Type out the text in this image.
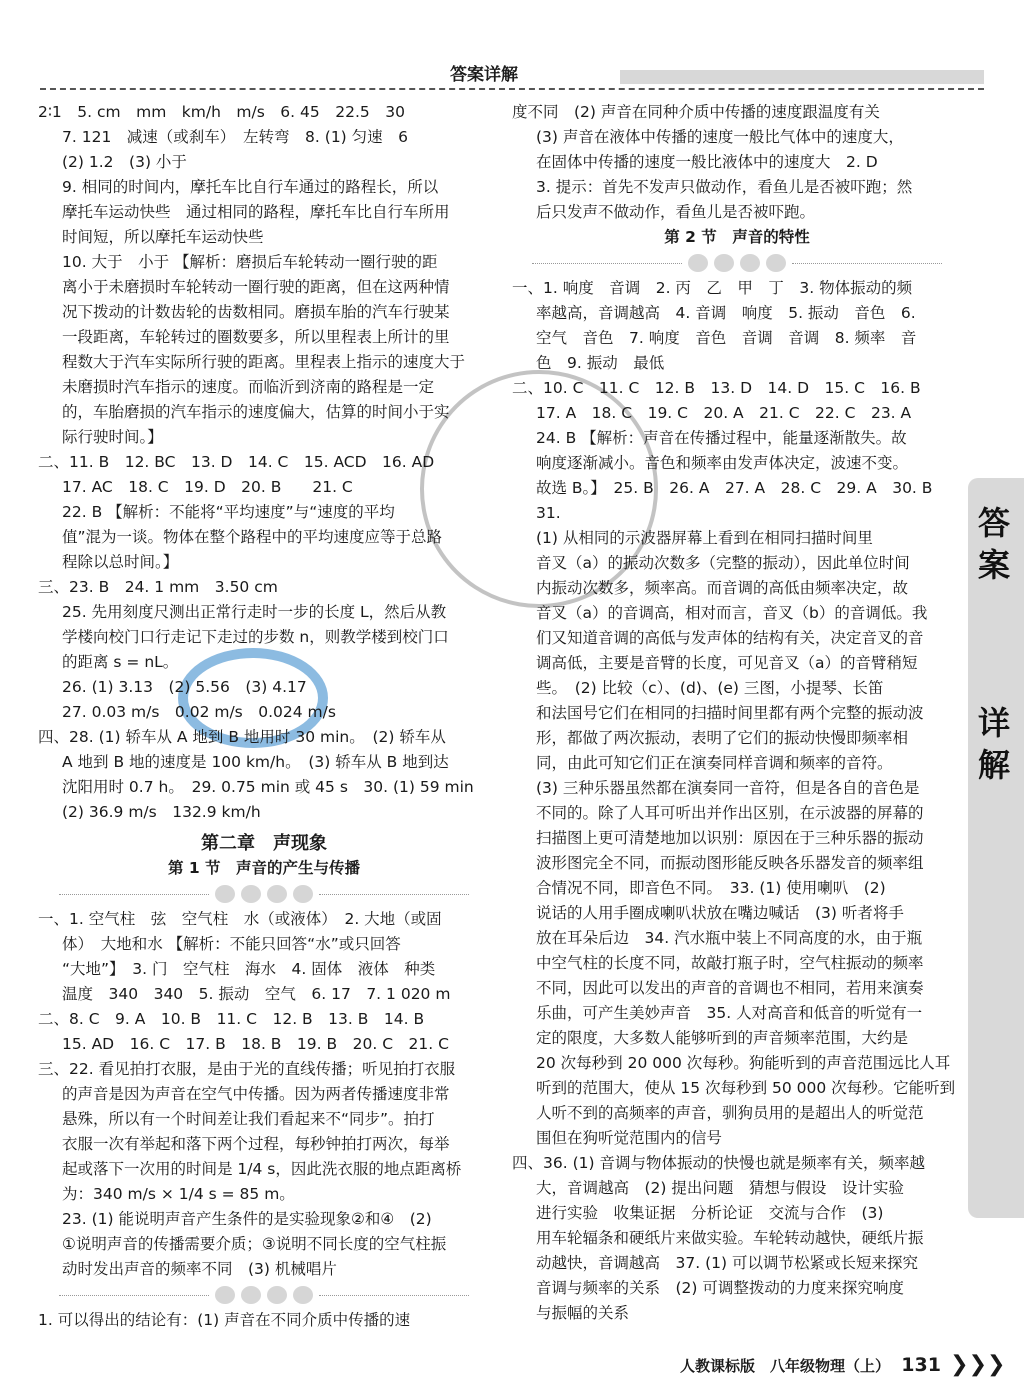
答案详解
2∶1　5. cm　mm　km/h　m/s　6. 45　22.5　30
7. 121　减速（或刹车）　左转弯　8. (1) 匀速　6
(2) 1.2　(3) 小于
9. 相同的时间内，摩托车比自行车通过的路程长，所以
摩托车运动快些　通过相同的路程，摩托车比自行车所用
时间短，所以摩托车运动快些
10. 大于　小于 【解析：磨损后车轮转动一圈行驶的距
离小于未磨损时车轮转动一圈行驶的距离，但在这两种情
况下拨动的计数齿轮的齿数相同。磨损车胎的汽车行驶某
一段距离，车轮转过的圈数要多，所以里程表上所计的里
程数大于汽车实际所行驶的距离。里程表上指示的速度大于
未磨损时汽车指示的速度。而临沂到济南的路程是一定
的，车胎磨损的汽车指示的速度偏大，估算的时间小于实
际行驶时间。】
二、11. B　12. BC　13. D　14. C　15. ACD　16. AD
17. AC　18. C　19. D　20. B　　21. C
22. B 【解析：不能将“平均速度”与“速度的平均
值”混为一谈。物体在整个路程中的平均速度应等于总路
程除以总时间。】
三、23. B　24. 1 mm　3.50 cm
25. 先用刻度尺测出正常行走时一步的长度 L，然后从教
学楼向校门口行走记下走过的步数 n，则教学楼到校门口
的距离 s = nL。
26. (1) 3.13　(2) 5.56　(3) 4.17
27. 0.03 m/s　0.02 m/s　0.024 m/s
四、28. (1) 轿车从 A 地到 B 地用时 30 min。　(2) 轿车从
A 地到 B 地的速度是 100 km/h。　(3) 轿车从 B 地到达
沈阳用时 0.7 h。　29. 0.75 min 或 45 s　30. (1) 59 min
(2) 36.9 m/s　132.9 km/h
第二章　声现象
第 1 节　声音的产生与传播
一、1. 空气柱　弦　空气柱　水（或液体）　2. 大地（或固
体）　大地和水 【解析：不能只回答“水”或只回答
“大地”】　3. 门　空气柱　海水　4. 固体　液体　种类
温度　340　340　5. 振动　空气　6. 17　7. 1 020 m
二、8. C　9. A　10. B　11. C　12. B　13. B　14. B
15. AD　16. C　17. B　18. B　19. B　20. C　21. C
三、22. 看见拍打衣服，是由于光的直线传播；听见拍打衣服
的声音是因为声音在空气中传播。因为两者传播速度非常
悬殊，所以有一个时间差让我们看起来不“同步”。拍打
衣服一次有举起和落下两个过程，每秒钟拍打两次，每举
起或落下一次用的时间是 1/4 s，因此洗衣服的地点距离桥
为：340 m/s × 1/4 s = 85 m。
23. (1) 能说明声音产生条件的是实验现象②和④　(2)
①说明声音的传播需要介质；③说明不同长度的空气柱振
动时发出声音的频率不同　(3) 机械唱片
1. 可以得出的结论有：(1) 声音在不同介质中传播的速
度不同　(2) 声音在同种介质中传播的速度跟温度有关
(3) 声音在液体中传播的速度一般比气体中的速度大，
在固体中传播的速度一般比液体中的速度大　2. D
3. 提示：首先不发声只做动作，看鱼儿是否被吓跑；然
后只发声不做动作，看鱼儿是否被吓跑。
第 2 节　声音的特性
一、1. 响度　音调　2. 丙　乙　甲　丁　3. 物体振动的频
率越高，音调越高　4. 音调　响度　5. 振动　音色　6.
空气　音色　7. 响度　音色　音调　音调　8. 频率　音
色　9. 振动　最低
二、10. C　11. C　12. B　13. D　14. D　15. C　16. B
17. A　18. C　19. C　20. A　21. C　22. C　23. A
24. B 【解析：声音在传播过程中，能量逐渐散失。故
响度逐渐减小。音色和频率由发声体决定，波速不变。
故选 B。】　25. B　26. A　27. A　28. C　29. A　30. B
31.
(1) 从相同的示波器屏幕上看到在相同扫描时间里
音叉（a）的振动次数多（完整的振动），因此单位时间
内振动次数多，频率高。而音调的高低由频率决定，故
音叉（a）的音调高，相对而言，音叉（b）的音调低。我
们又知道音调的高低与发声体的结构有关，决定音叉的音
调高低，主要是音臂的长度，可见音叉（a）的音臂稍短
些。　(2) 比较（c）、(d)、(e) 三图，小提琴、长笛
和法国号它们在相同的扫描时间里都有两个完整的振动波
形，都做了两次振动，表明了它们的振动快慢即频率相
同，由此可知它们正在演奏同样音调和频率的音符。
(3) 三种乐器虽然都在演奏同一音符，但是各自的音色是
不同的。除了人耳可听出并作出区别，在示波器的屏幕的
扫描图上更可清楚地加以识别：原因在于三种乐器的振动
波形图完全不同，而振动图形能反映各乐器发音的频率组
合情况不同，即音色不同。　33. (1) 使用喇叭　(2)
说话的人用手圈成喇叭状放在嘴边喊话　(3) 听者将手
放在耳朵后边　34. 汽水瓶中装上不同高度的水，由于瓶
中空气柱的长度不同，故敲打瓶子时，空气柱振动的频率
不同，因此可以发出的声音的音调也不相同，若用来演奏
乐曲，可产生美妙声音　35. 人对高音和低音的听觉有一
定的限度，大多数人能够听到的声音频率范围，大约是
20 次每秒到 20 000 次每秒。狗能听到的声音范围远比人耳
听到的范围大，使从 15 次每秒到 50 000 次每秒。它能听到
人听不到的高频率的声音，驯狗员用的是超出人的听觉范
围但在狗听觉范围内的信号
四、36. (1) 音调与物体振动的快慢也就是频率有关，频率越
大，音调越高　(2) 提出问题　猜想与假设　设计实验
进行实验　收集证据　分析论证　交流与合作　(3)
用车轮辐条和硬纸片来做实验。车轮转动越快，硬纸片振
动越快，音调越高　37. (1) 可以调节松紧或长短来探究
音调与频率的关系　(2) 可调整拨动的力度来探究响度
与振幅的关系
答
案
详
解
人教课标版　八年级物理（上） 131 ❯❯❯
